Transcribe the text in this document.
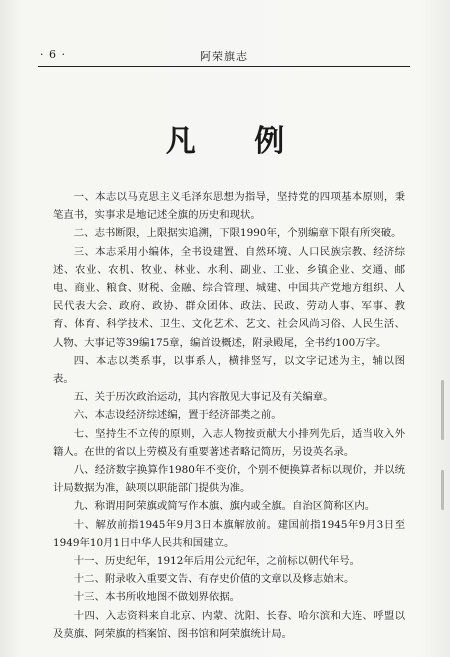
· 6 ·	阿荣旗志
凡 例

一、本志以马克思主义毛泽东思想为指导，坚持党的四项基本原则，秉笔直书，实事求是地记述全旗的历史和现状。

二、志书断限，上限据实追溯，下限1990年，个别编章下限有所突破。

三、本志采用小编体，全书设建置、自然环境、人口民族宗教、经济综述、农业、农机、牧业、林业、水利、副业、工业、乡镇企业、交通、邮电、商业、粮食、财税、金融、综合管理、城建、中国共产党地方组织、人民代表大会、政府、政协、群众团体、政法、民政、劳动人事、军事、教育、体育、科学技术、卫生、文化艺术、艺文、社会风尚习俗、人民生活、人物、大事记等39编175章，编首设概述，附录殿尾，全书约100万字。

四、本志以类系事，以事系人，横排竖写，以文字记述为主，辅以图表。

五、关于历次政治运动，其内容散见大事记及有关编章。

六、本志设经济综述编，置于经济部类之前。

七、坚持生不立传的原则，入志人物按贡献大小排列先后，适当收入外籍人。在世的省以上劳模及有重要著述者略记简历，另设英名录。

八、经济数字换算作1980年不变价，个别不便换算者标以现价，并以统计局数据为准，缺项以职能部门提供为准。

九、称谓用阿荣旗或简写作本旗、旗内或全旗。自治区简称区内。

十、解放前指1945年9月3日本旗解放前。建国前指1945年9月3日至1949年10月1日中华人民共和国建立。

十一、历史纪年，1912年后用公元纪年，之前标以朝代年号。

十二、附录收入重要文告、有存史价值的文章以及修志始末。

十三、本书所收地图不做划界依据。

十四、入志资料来自北京、内蒙、沈阳、长春、哈尔滨和大连、呼盟以及莫旗、阿荣旗的档案馆、图书馆和阿荣旗统计局。
